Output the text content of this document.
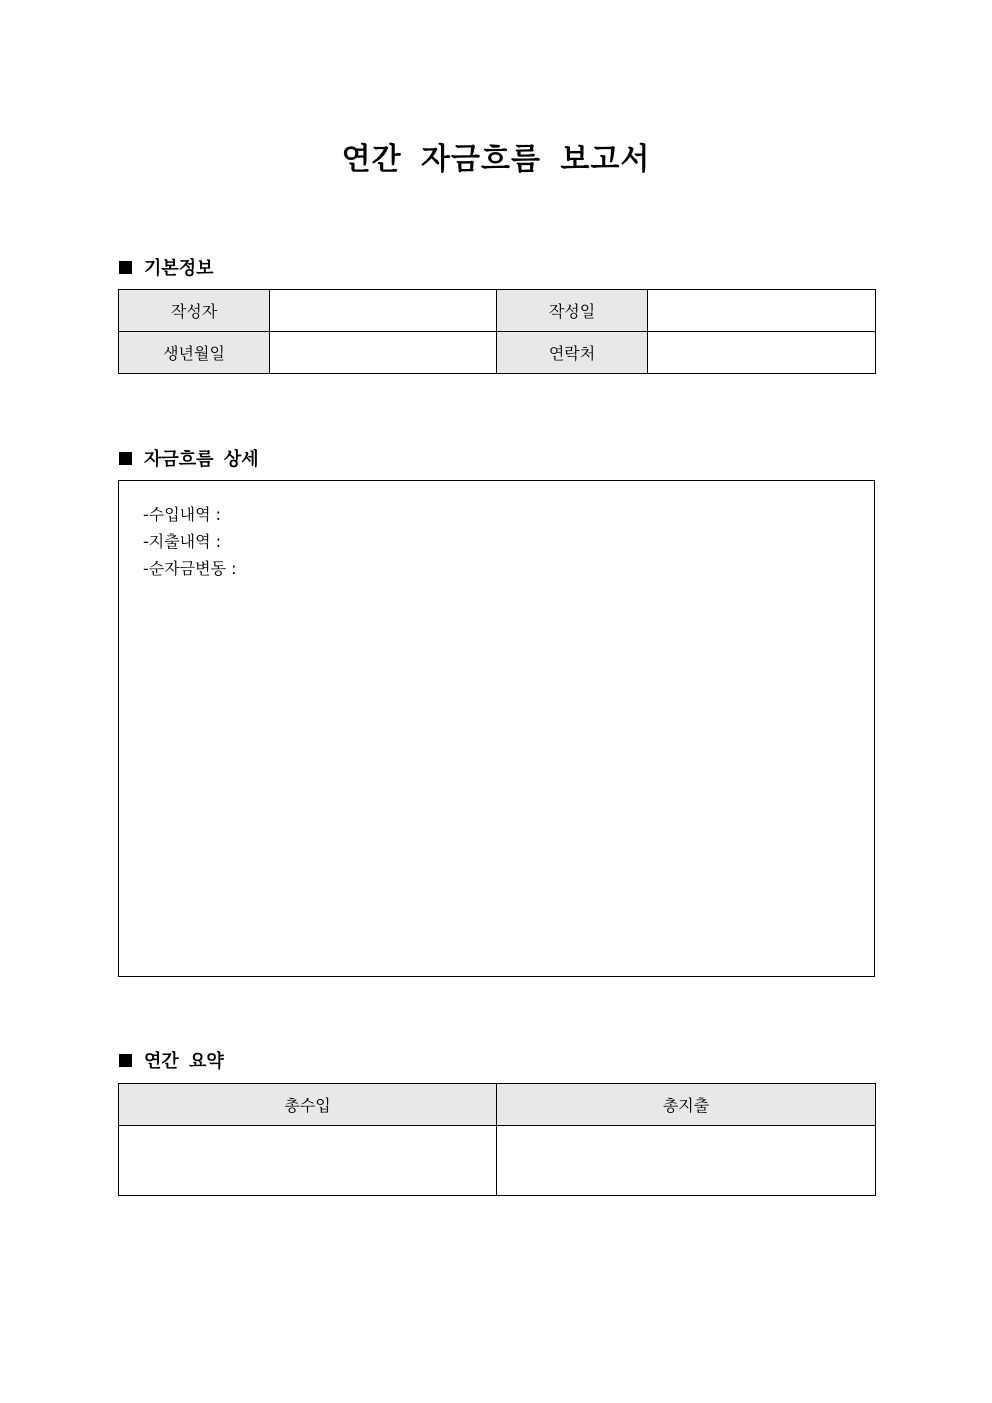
연간 자금흐름 보고서
기본정보
작성자		작성일	
생년월일		연락처	
자금흐름 상세
-수입내역 :
-지출내역 :
-순자금변동 :
연간 요약
총수입	총지출
